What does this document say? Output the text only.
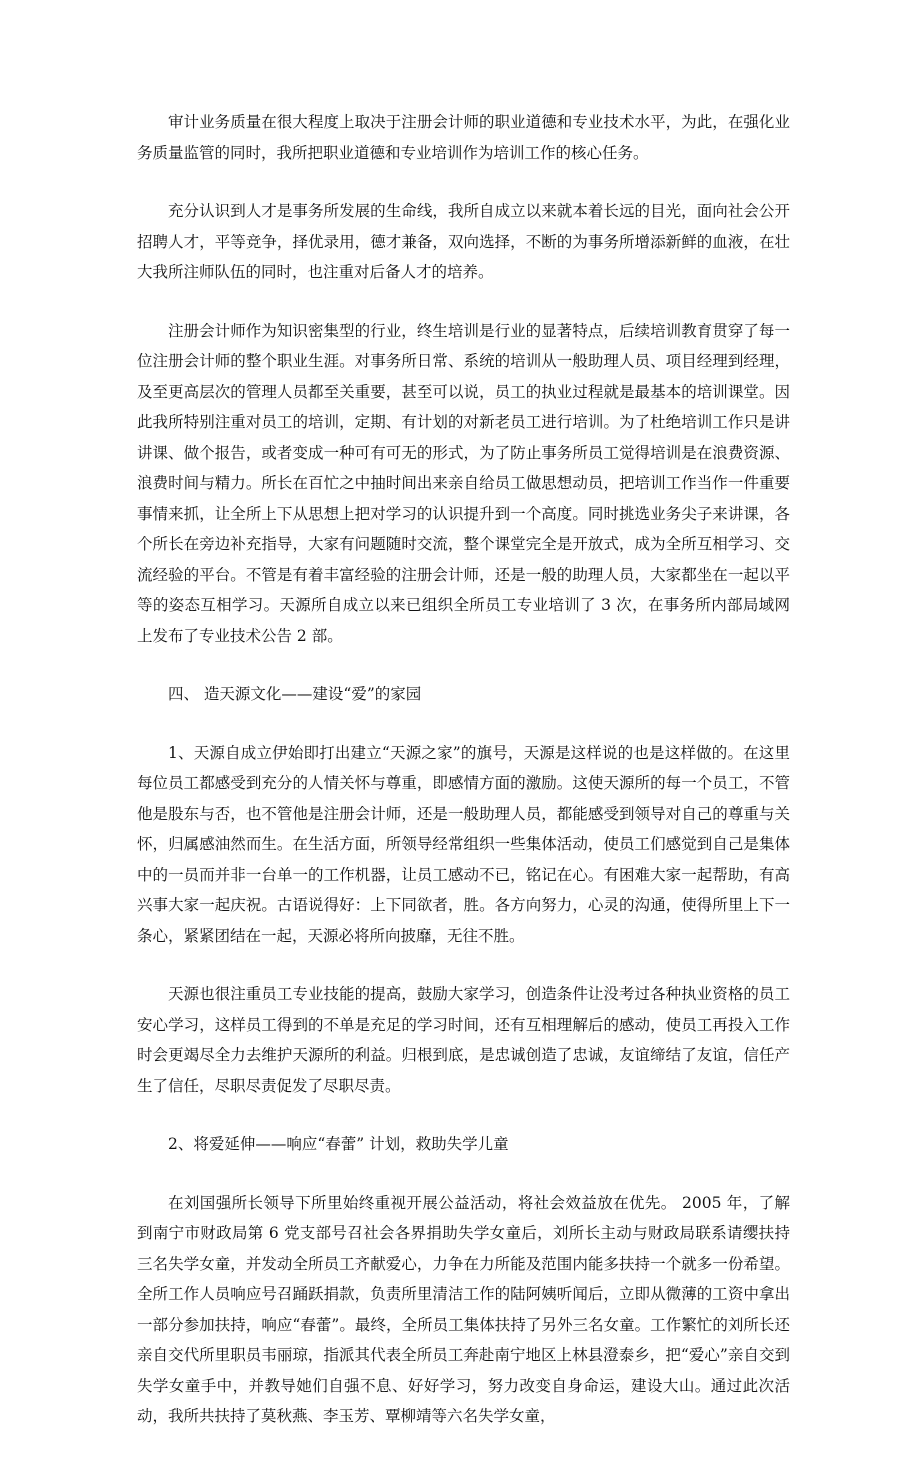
审计业务质量在很大程度上取决于注册会计师的职业道德和专业技术水平，为此，在强化业务质量监管的同时，我所把职业道德和专业培训作为培训工作的核心任务。

充分认识到人才是事务所发展的生命线，我所自成立以来就本着长远的目光，面向社会公开招聘人才，平等竞争，择优录用，德才兼备，双向选择，不断的为事务所增添新鲜的血液，在壮大我所注师队伍的同时，也注重对后备人才的培养。

注册会计师作为知识密集型的行业，终生培训是行业的显著特点，后续培训教育贯穿了每一位注册会计师的整个职业生涯。对事务所日常、系统的培训从一般助理人员、项目经理到经理，及至更高层次的管理人员都至关重要，甚至可以说，员工的执业过程就是最基本的培训课堂。因此我所特别注重对员工的培训，定期、有计划的对新老员工进行培训。为了杜绝培训工作只是讲讲课、做个报告，或者变成一种可有可无的形式，为了防止事务所员工觉得培训是在浪费资源、浪费时间与精力。所长在百忙之中抽时间出来亲自给员工做思想动员，把培训工作当作一件重要事情来抓，让全所上下从思想上把对学习的认识提升到一个高度。同时挑选业务尖子来讲课，各个所长在旁边补充指导，大家有问题随时交流，整个课堂完全是开放式，成为全所互相学习、交流经验的平台。不管是有着丰富经验的注册会计师，还是一般的助理人员，大家都坐在一起以平等的姿态互相学习。天源所自成立以来已组织全所员工专业培训了 3 次，在事务所内部局域网上发布了专业技术公告 2 部。

四、 造天源文化——建设“爱”的家园

1、天源自成立伊始即打出建立“天源之家”的旗号，天源是这样说的也是这样做的。在这里每位员工都感受到充分的人情关怀与尊重，即感情方面的激励。这使天源所的每一个员工，不管他是股东与否，也不管他是注册会计师，还是一般助理人员，都能感受到领导对自己的尊重与关怀，归属感油然而生。在生活方面，所领导经常组织一些集体活动，使员工们感觉到自己是集体中的一员而并非一台单一的工作机器，让员工感动不已，铭记在心。有困难大家一起帮助，有高兴事大家一起庆祝。古语说得好：上下同欲者，胜。各方向努力，心灵的沟通，使得所里上下一条心，紧紧团结在一起，天源必将所向披靡，无往不胜。

天源也很注重员工专业技能的提高，鼓励大家学习，创造条件让没考过各种执业资格的员工安心学习，这样员工得到的不单是充足的学习时间，还有互相理解后的感动，使员工再投入工作时会更竭尽全力去维护天源所的利益。归根到底，是忠诚创造了忠诚，友谊缔结了友谊，信任产生了信任，尽职尽责促发了尽职尽责。

2、将爱延伸——响应“春蕾” 计划，救助失学儿童

在刘国强所长领导下所里始终重视开展公益活动，将社会效益放在优先。 2005 年，了解到南宁市财政局第 6 党支部号召社会各界捐助失学女童后，刘所长主动与财政局联系请缨扶持三名失学女童，并发动全所员工齐献爱心，力争在力所能及范围内能多扶持一个就多一份希望。全所工作人员响应号召踊跃捐款，负责所里清洁工作的陆阿姨听闻后，立即从微薄的工资中拿出一部分参加扶持，响应“春蕾”。最终，全所员工集体扶持了另外三名女童。工作繁忙的刘所长还亲自交代所里职员韦丽琼，指派其代表全所员工奔赴南宁地区上林县澄泰乡，把“爱心”亲自交到失学女童手中，并教导她们自强不息、好好学习，努力改变自身命运，建设大山。通过此次活动，我所共扶持了莫秋燕、李玉芳、覃柳靖等六名失学女童，
